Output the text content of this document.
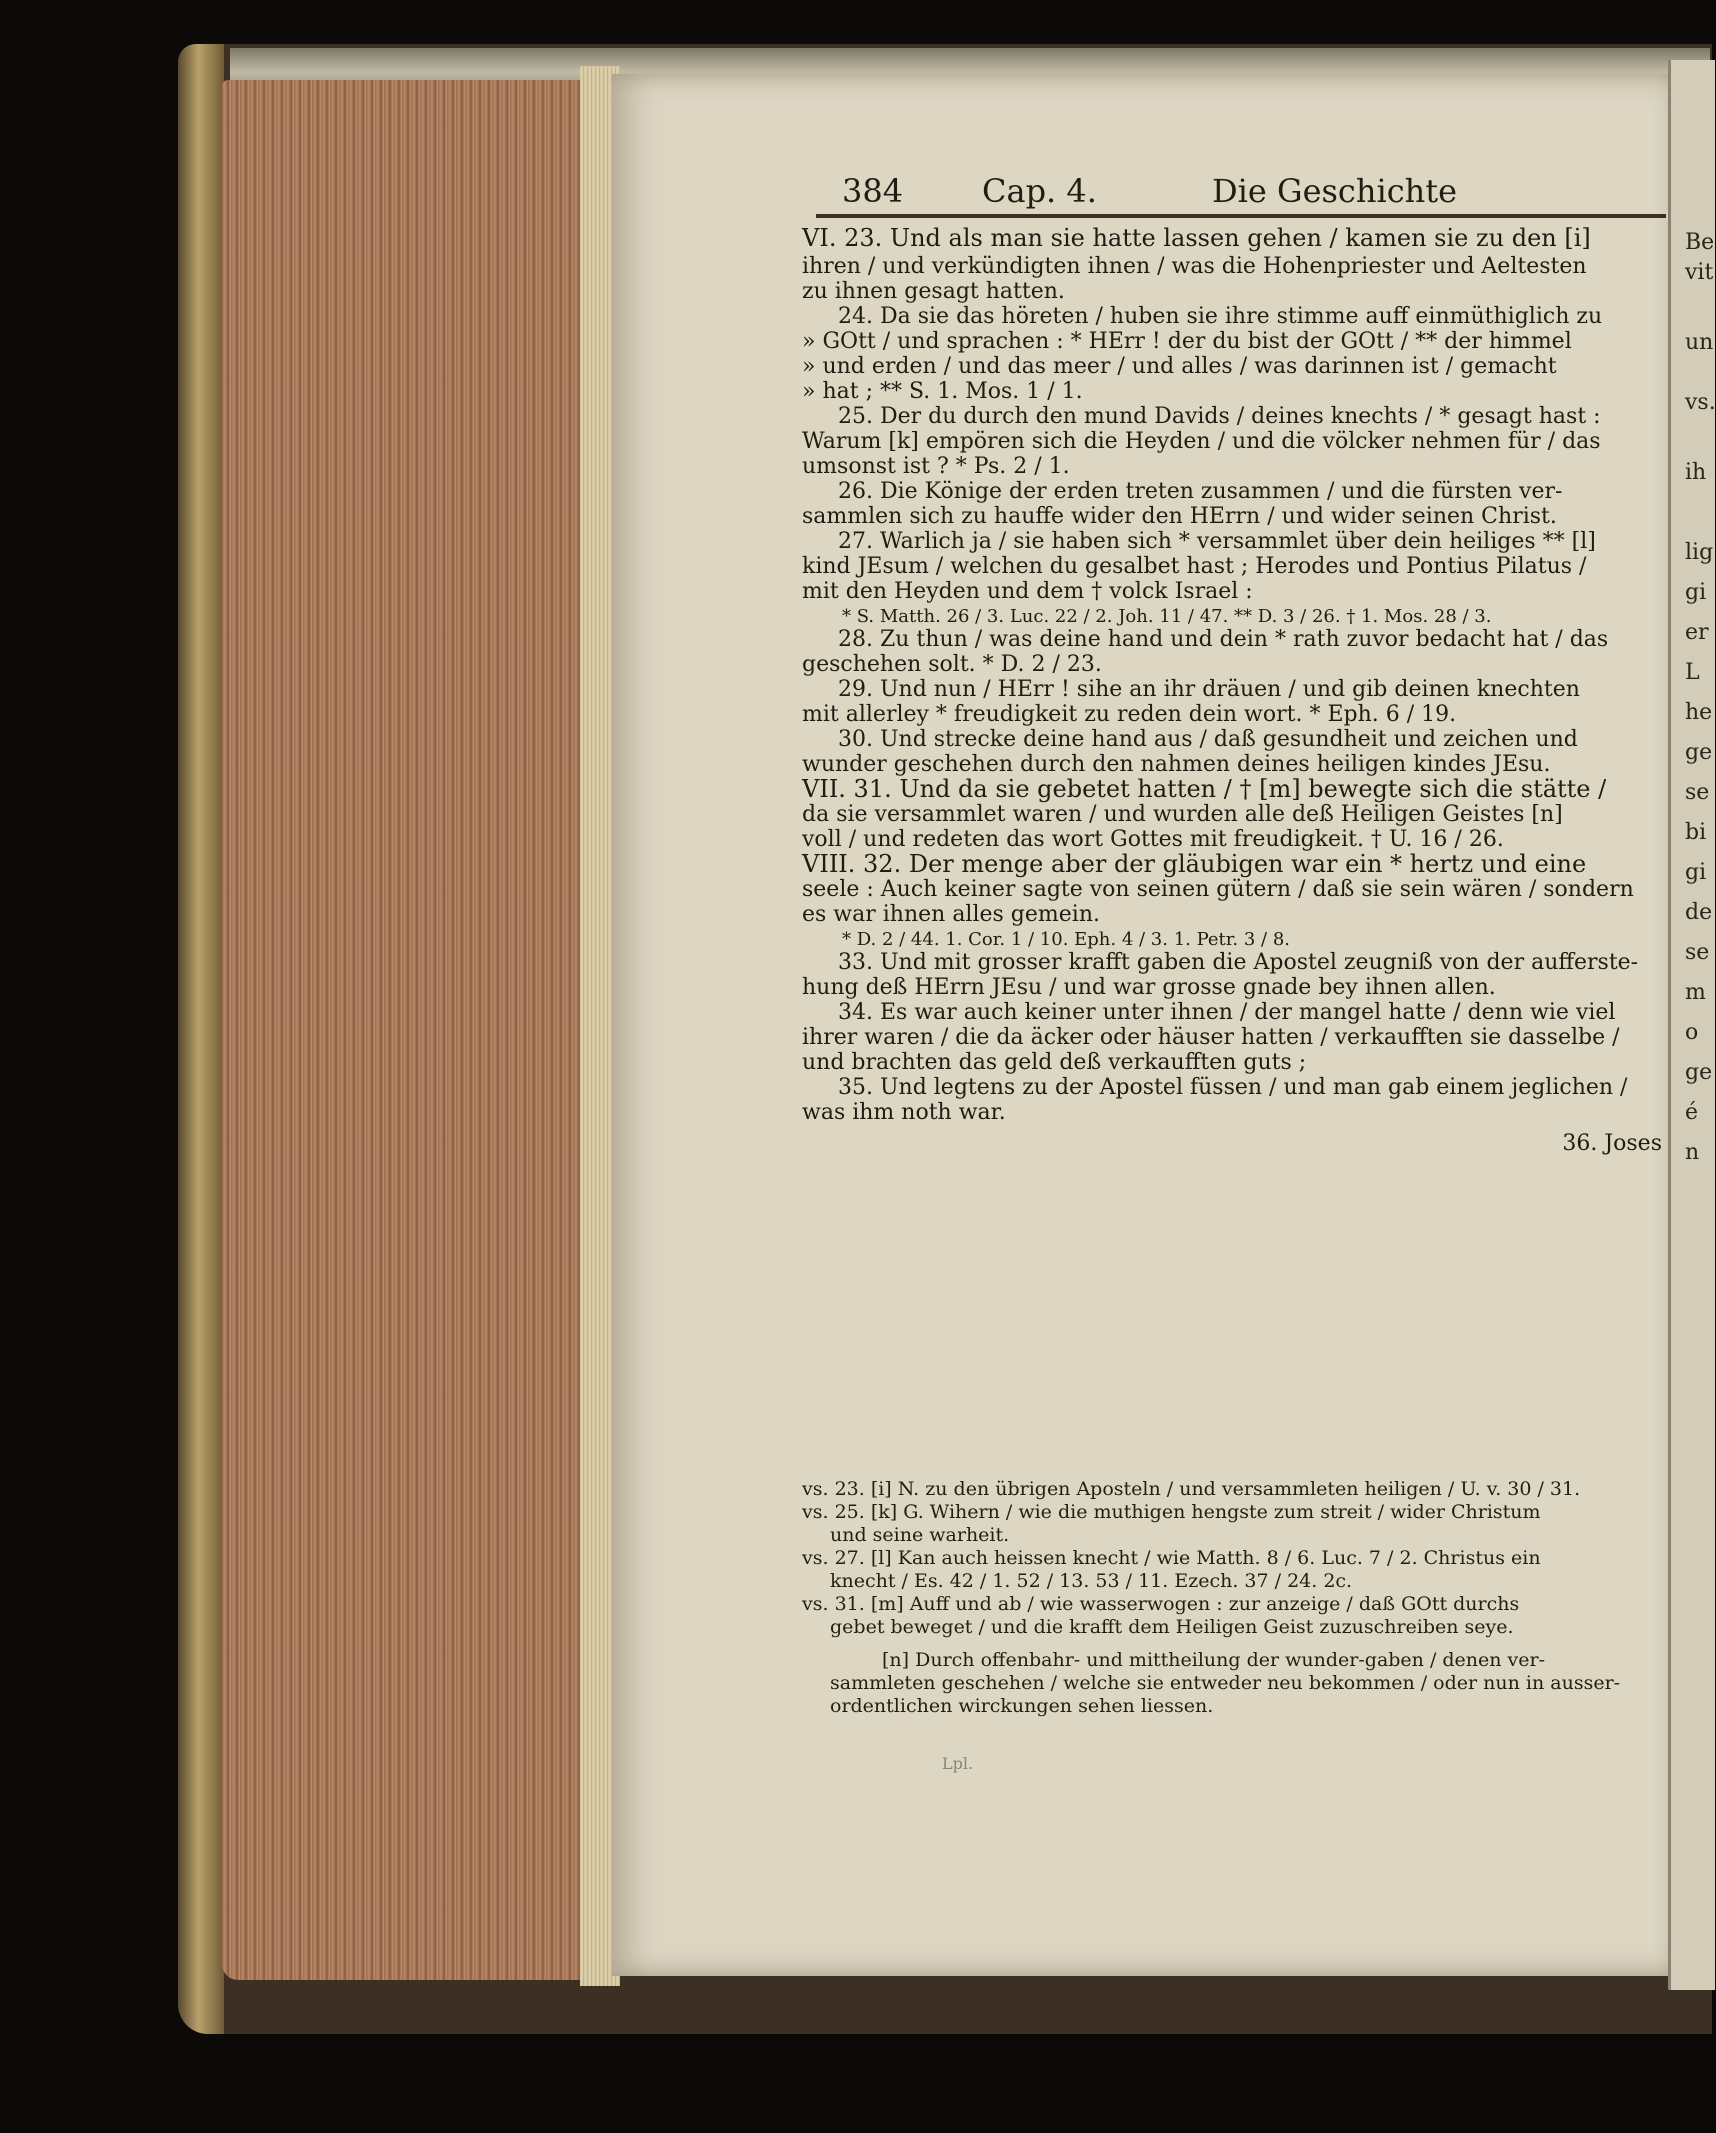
384 Cap. 4.	Die Geschichte
VI. 23. Und als man sie hatte lassen gehen / kamen sie zu den [i]
ihren / und verkündigten ihnen / was die Hohenpriester und Aeltesten
zu ihnen gesagt hatten.
24. Da sie das höreten / huben sie ihre stimme auff einmüthiglich zu
» GOtt / und sprachen : * HErr ! der du bist der GOtt / ** der himmel
» und erden / und das meer / und alles / was darinnen ist / gemacht
» hat ; ** S. 1. Mos. 1 / 1.
25. Der du durch den mund Davids / deines knechts / * gesagt hast :
Warum [k] empören sich die Heyden / und die völcker nehmen für / das
umsonst ist ? * Ps. 2 / 1.
26. Die Könige der erden treten zusammen / und die fürsten ver-
sammlen sich zu hauffe wider den HErrn / und wider seinen Christ.
27. Warlich ja / sie haben sich * versammlet über dein heiliges ** [l]
kind JEsum / welchen du gesalbet hast ; Herodes und Pontius Pilatus /
mit den Heyden und dem † volck Israel :
* S. Matth. 26 / 3. Luc. 22 / 2. Joh. 11 / 47. ** D. 3 / 26. † 1. Mos. 28 / 3.
28. Zu thun / was deine hand und dein * rath zuvor bedacht hat / das
geschehen solt. * D. 2 / 23.
29. Und nun / HErr ! sihe an ihr dräuen / und gib deinen knechten
mit allerley * freudigkeit zu reden dein wort. * Eph. 6 / 19.
30. Und strecke deine hand aus / daß gesundheit und zeichen und
wunder geschehen durch den nahmen deines heiligen kindes JEsu.
VII. 31. Und da sie gebetet hatten / † [m] bewegte sich die stätte /
da sie versammlet waren / und wurden alle deß Heiligen Geistes [n]
voll / und redeten das wort Gottes mit freudigkeit. † U. 16 / 26.
VIII. 32. Der menge aber der gläubigen war ein * hertz und eine
seele : Auch keiner sagte von seinen gütern / daß sie sein wären / sondern
es war ihnen alles gemein.
* D. 2 / 44. 1. Cor. 1 / 10. Eph. 4 / 3. 1. Petr. 3 / 8.
33. Und mit grosser krafft gaben die Apostel zeugniß von der aufferste-
hung deß HErrn JEsu / und war grosse gnade bey ihnen allen.
34. Es war auch keiner unter ihnen / der mangel hatte / denn wie viel
ihrer waren / die da äcker oder häuser hatten / verkaufften sie dasselbe /
und brachten das geld deß verkaufften guts ;
35. Und legtens zu der Apostel füssen / und man gab einem jeglichen /
was ihm noth war.
36. Joses
vs. 23. [i] N. zu den übrigen Aposteln / und versammleten heiligen / U. v. 30 / 31.
vs. 25. [k] G. Wihern / wie die muthigen hengste zum streit / wider Christum
und seine warheit.
vs. 27. [l] Kan auch heissen knecht / wie Matth. 8 / 6. Luc. 7 / 2. Christus ein
knecht / Es. 42 / 1. 52 / 13. 53 / 11. Ezech. 37 / 24. 2c.
vs. 31. [m] Auff und ab / wie wasserwogen : zur anzeige / daß GOtt durchs
gebet beweget / und die krafft dem Heiligen Geist zuzuschreiben seye.
[n] Durch offenbahr- und mittheilung der wunder-gaben / denen ver-
sammleten geschehen / welche sie entweder neu bekommen / oder nun in ausser-
ordentlichen wirckungen sehen liessen.
Lpl.
Be
vit
un
vs.
ih
lig
gi
er
L
he
ge
se
bi
gi
de
se
m
o
ge
é
n
